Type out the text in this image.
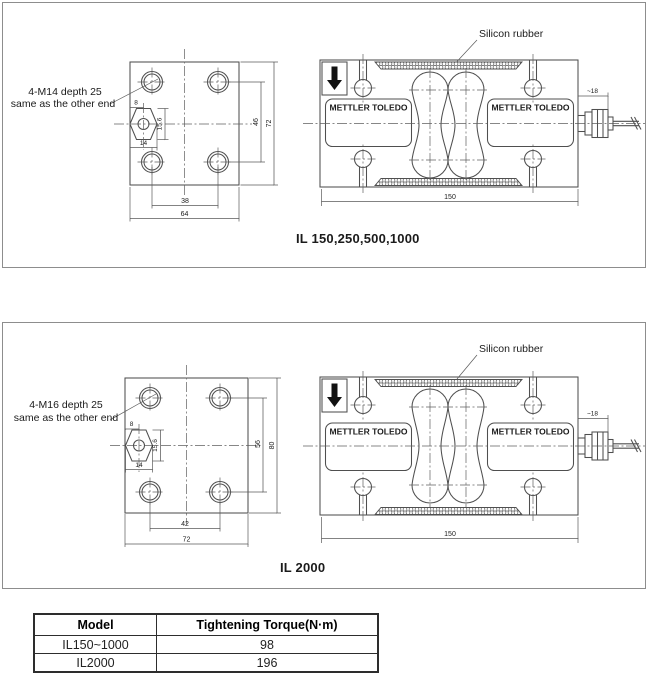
4-M14 depth 25
same as the other end	8
15.6
14
38
64
46 72
METTLER TOLEDO	METTLER TOLEDO
~18
Silicon rubber
150
IL 150,250,500,1000
4-M16 depth 25
same as the other end
8
15.6
14
42
72
56 80
METTLER TOLEDO	METTLER TOLEDO
~18
Silicon rubber
150
IL 2000
Model	Tightening Torque(N·m)
IL150~1000	98
IL2000	196
